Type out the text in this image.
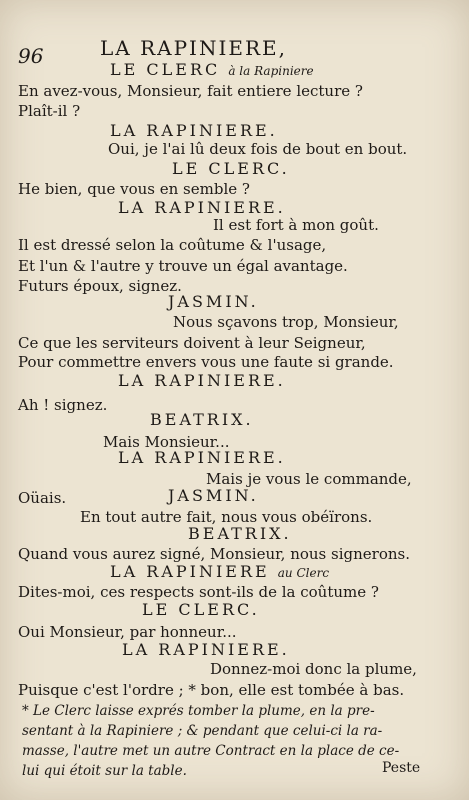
96	LA RAPINIERE,
LE CLERC à la Rapiniere
En avez-vous, Monsieur, fait entiere lecture ?
Plaît-il ?
LA RAPINIERE.
Oui, je l'ai lû deux fois de bout en bout.
LE CLERC.
He bien, que vous en semble ?
LA RAPINIERE.
Il est fort à mon goût.
Il est dressé selon la coûtume & l'usage,
Et l'un & l'autre y trouve un égal avantage.
Futurs époux, signez.
JASMIN.
Nous sçavons trop, Monsieur,
Ce que les serviteurs doivent à leur Seigneur,
Pour commettre envers vous une faute si grande.
LA RAPINIERE.
Ah ! signez.
BEATRIX.
Mais Monsieur...
LA RAPINIERE.
Mais je vous le commande,
Oüais.	JASMIN.
En tout autre fait, nous vous obéïrons.
BEATRIX.
Quand vous aurez signé, Monsieur, nous signerons.
LA RAPINIERE au Clerc
Dites-moi, ces respects sont-ils de la coûtume ?
LE CLERC.
Oui Monsieur, par honneur...
LA RAPINIERE.
Donnez-moi donc la plume,
Puisque c'est l'ordre ; * bon, elle est tombée à bas.
* Le Clerc laisse exprés tomber la plume, en la pre-
sentant à la Rapiniere ; & pendant que celui-ci la ra-
masse, l'autre met un autre Contract en la place de ce-
lui qui étoit sur la table.	Peste
